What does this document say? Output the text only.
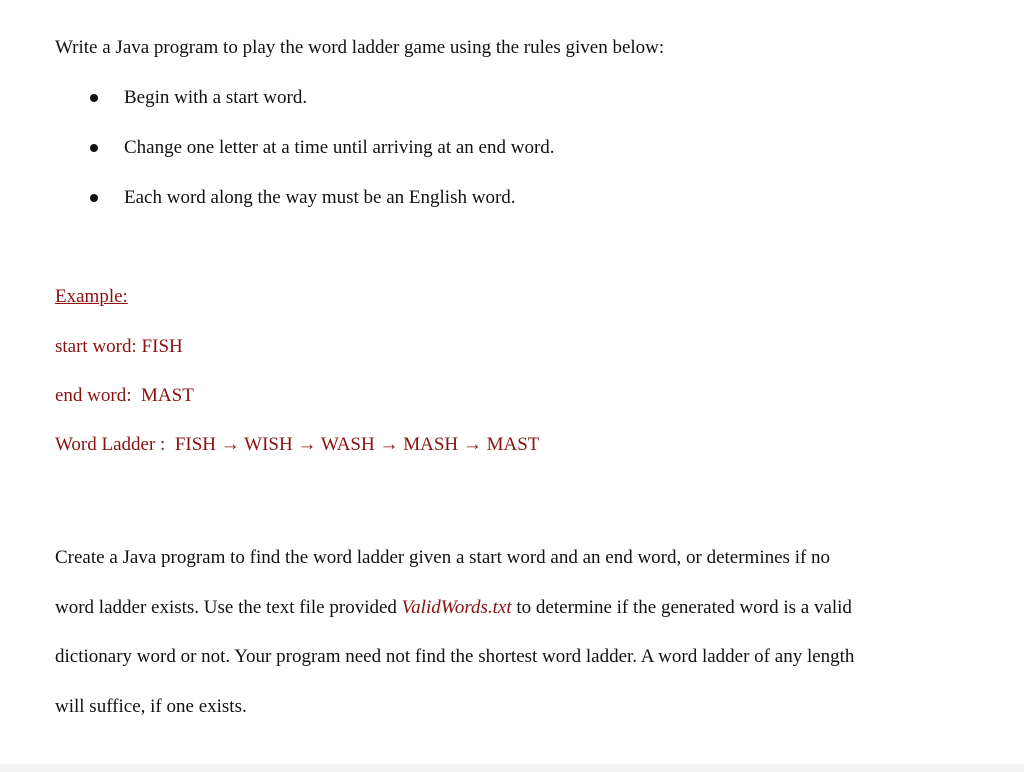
Write a Java program to play the word ladder game using the rules given below:
Begin with a start word.
Change one letter at a time until arriving at an end word.
Each word along the way must be an English word.
Example:
start word: FISH
end word: MAST
Word Ladder : FISH → WISH → WASH → MASH → MAST

Create a Java program to find the word ladder given a start word and an end word, or determines if no
word ladder exists. Use the text file provided ValidWords.txt to determine if the generated word is a valid
dictionary word or not. Your program need not find the shortest word ladder. A word ladder of any length
will suffice, if one exists.
